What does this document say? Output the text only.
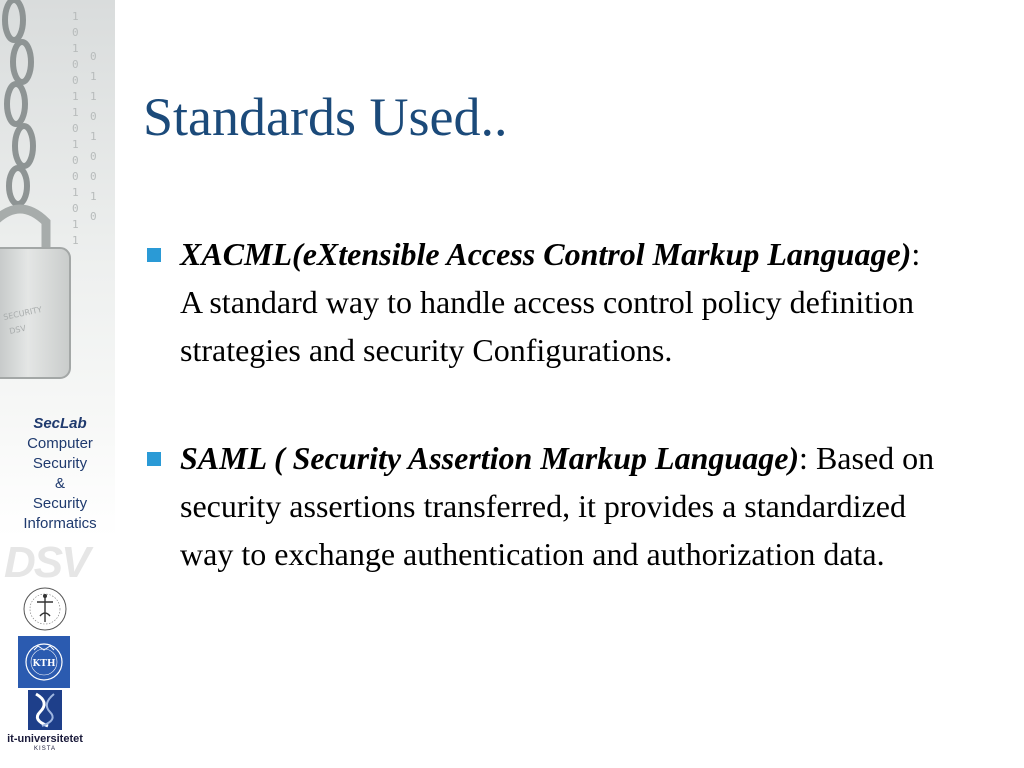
1
0
1
0
0
1
1
0
1
0
0
1
0
1
1
0
1
1
0
1
0
0
1
0
SECURITY
DSV
SecLab
Computer
Security
&
Security
Informatics
DSV
KTH
it-universitetet
KISTA
Standards Used..
XACML(eXtensible Access Control Markup Language): A standard way to handle access control policy definition strategies and security Configurations.
SAML ( Security Assertion Markup Language): Based on security assertions transferred, it provides a standardized way to exchange authentication and authorization data.
